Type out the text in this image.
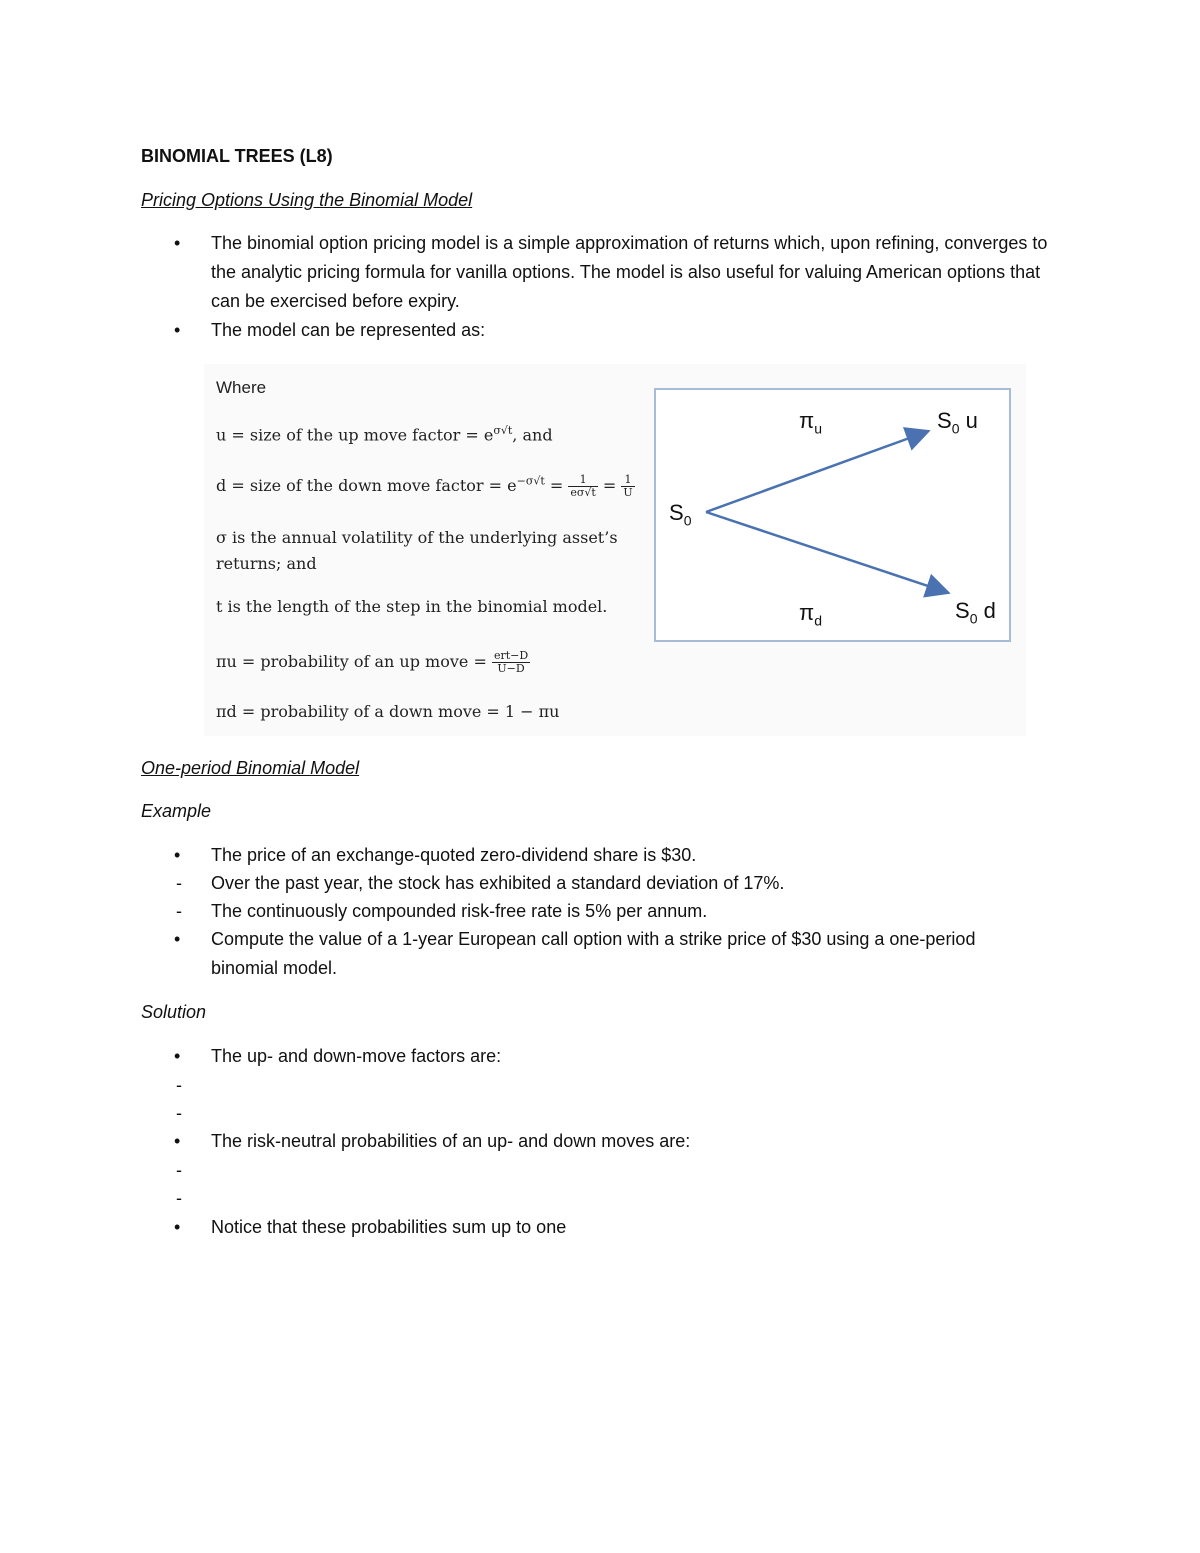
BINOMIAL TREES (L8)
Pricing Options Using the Binomial Model
• The binomial option pricing model is a simple approximation of returns which, upon refining, converges to the analytic pricing formula for vanilla options. The model is also useful for valuing American options that can be exercised before expiry.
• The model can be represented as:
Where
u = size of the up move factor = $e^{\sigma√t}$, and
d = size of the down move factor = $e^{-\sigma√t} = \frac{1}{e\sigma√t} = \frac{1}{U}$
σ is the annual volatility of the underlying asset’s
returns; and
t is the length of the step in the binomial model.
πu = probability of an up move = $\frac{\text{ert−D}}{U-D}$
πd = probability of a down move = 1 − πu
$S_0$
$S_0$ u
$S_0$ d
$\pi_u$
$\pi_d$
One-period Binomial Model
Example
• The price of an exchange-quoted zero-dividend share is $30.
- Over the past year, the stock has exhibited a standard deviation of 17%.
- The continuously compounded risk-free rate is 5% per annum.
• Compute the value of a 1-year European call option with a strike price of $30 using a one-period
binomial model.
Solution
• The up- and down-move factors are:
-
-
• The risk-neutral probabilities of an up- and down moves are:
-
-
• Notice that these probabilities sum up to one
